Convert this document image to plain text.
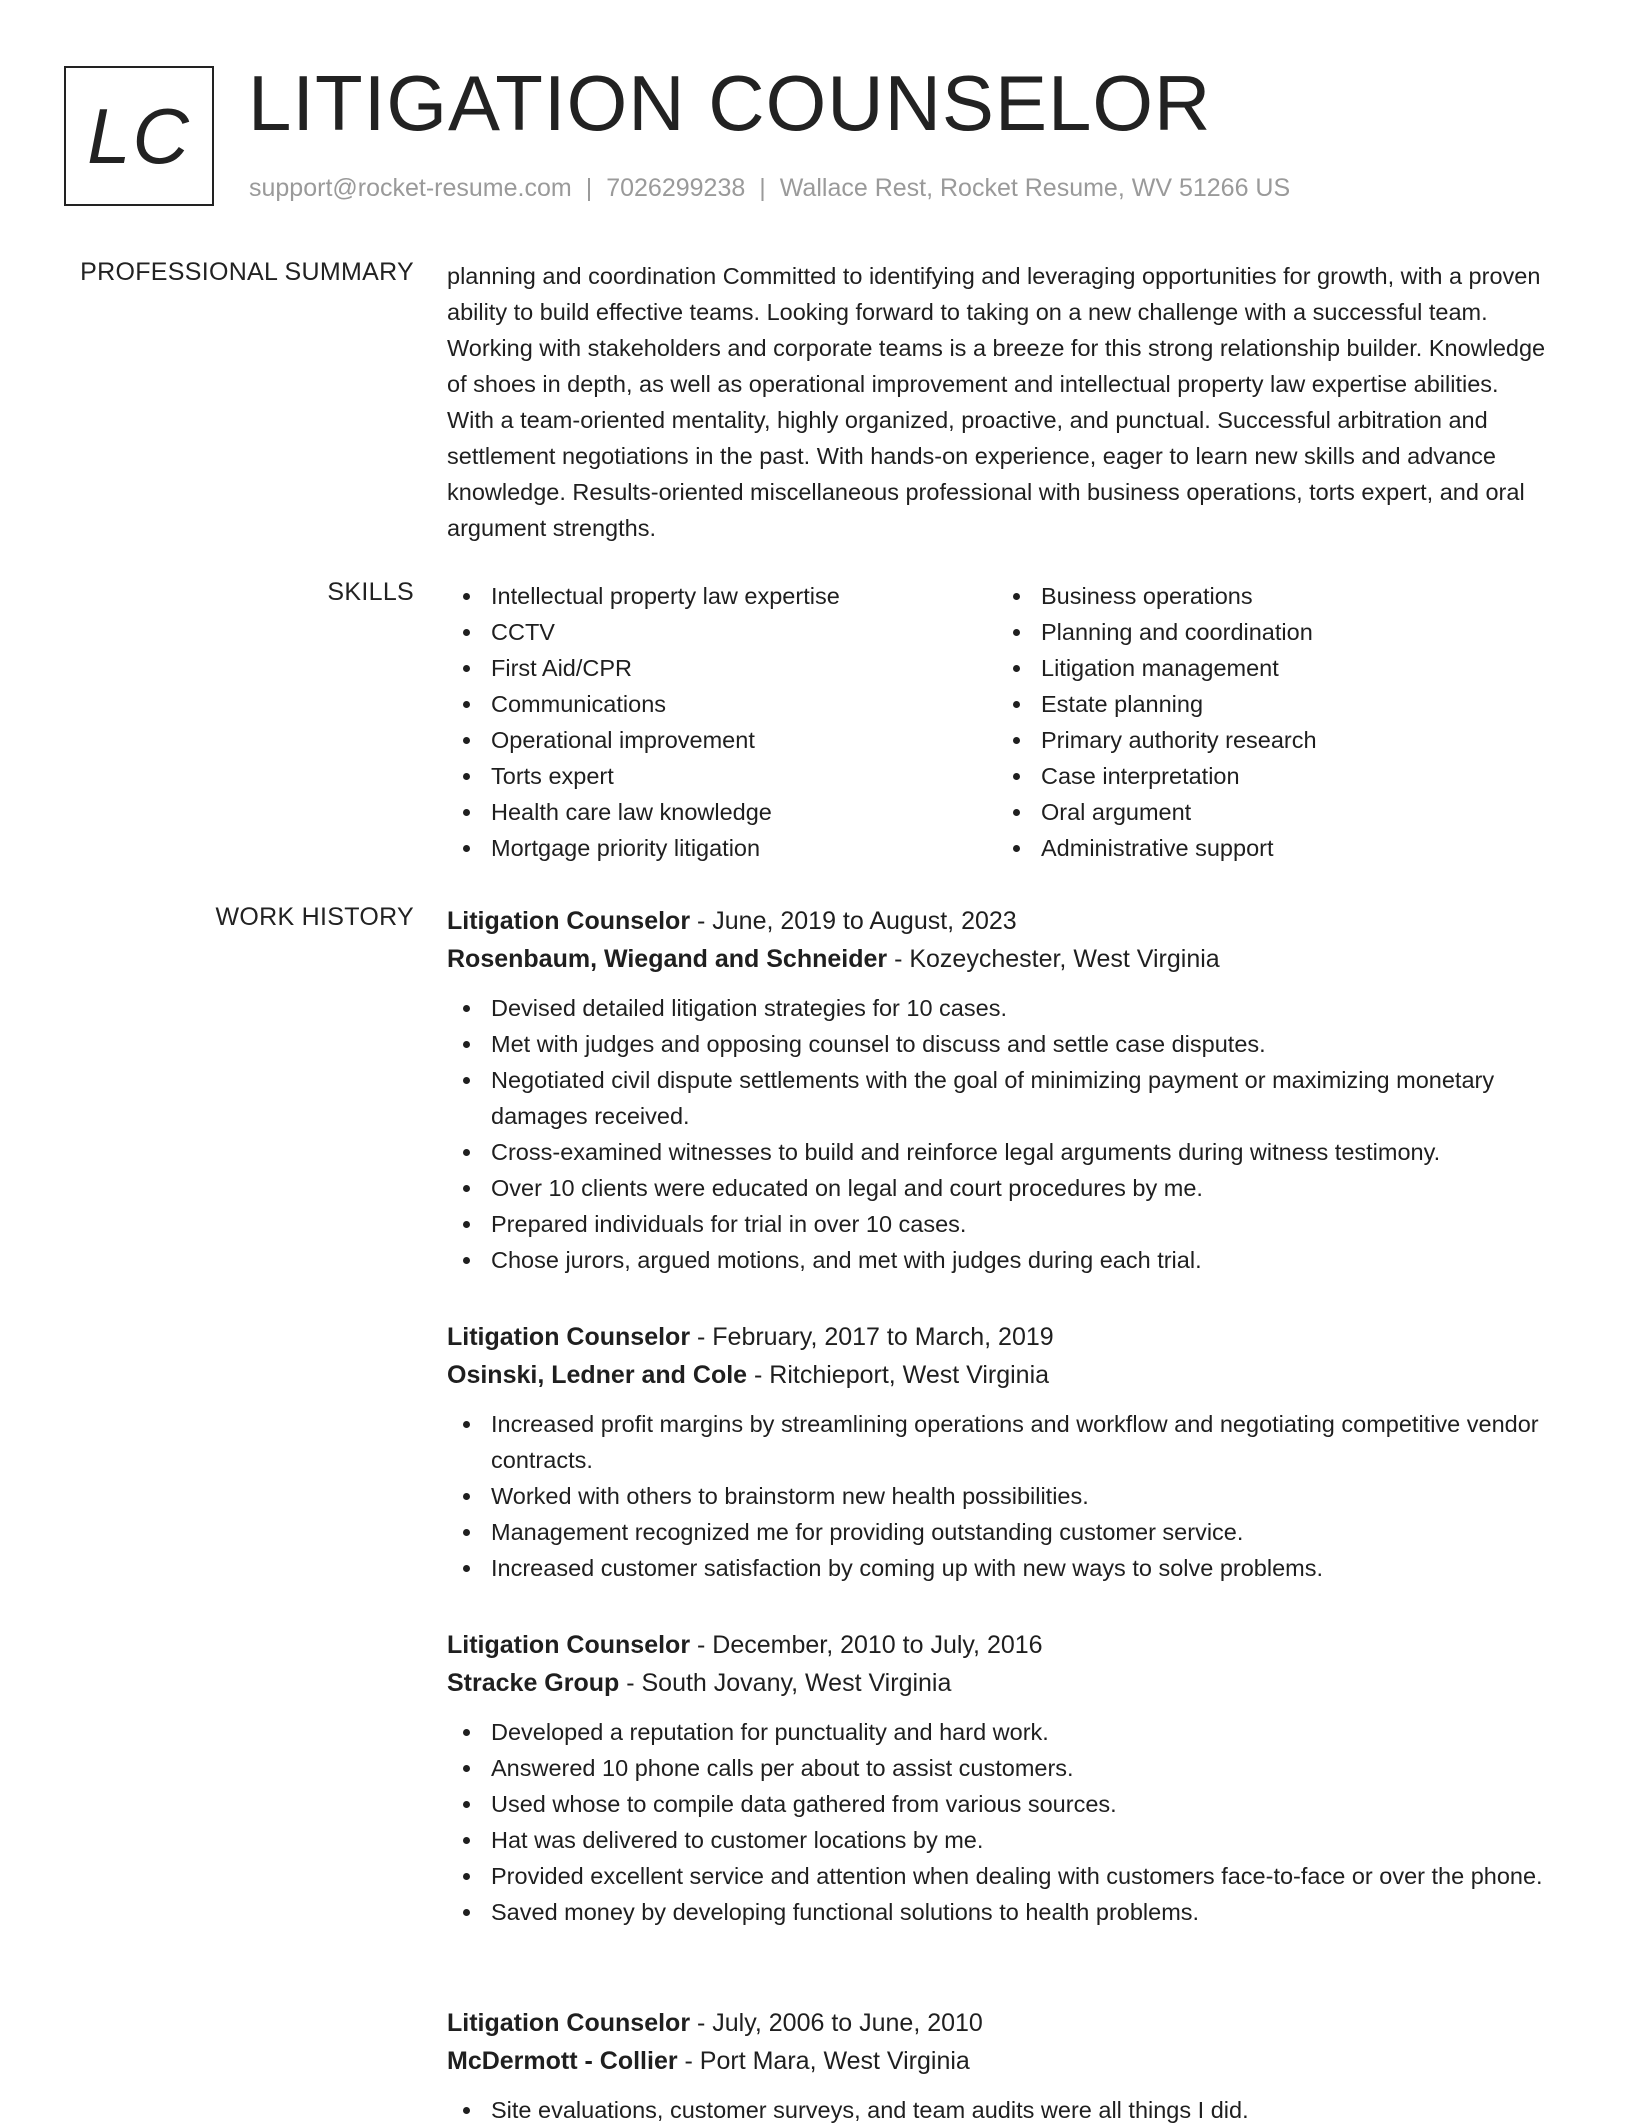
LC LITIGATION COUNSELOR
support@rocket-resume.com | 7026299238 | Wallace Rest, Rocket Resume, WV 51266 US
PROFESSIONAL SUMMARY planning and coordination Committed to identifying and leveraging opportunities for growth, with a proven ability to build effective teams. Looking forward to taking on a new challenge with a successful team. Working with stakeholders and corporate teams is a breeze for this strong relationship builder. Knowledge of shoes in depth, as well as operational improvement and intellectual property law expertise abilities. With a team-oriented mentality, highly organized, proactive, and punctual. Successful arbitration and settlement negotiations in the past. With hands-on experience, eager to learn new skills and advance knowledge. Results-oriented miscellaneous professional with business operations, torts expert, and oral argument strengths.

SKILLS	Intellectual property law expertise
CCTV
First Aid/CPR
Communications
Operational improvement
Torts expert
Health care law knowledge
Mortgage priority litigation
Business operations
Planning and coordination
Litigation management
Estate planning
Primary authority research
Case interpretation
Oral argument
Administrative support
WORK HISTORY Litigation Counselor - June, 2019 to August, 2023
Rosenbaum, Wiegand and Schneider - Kozeychester, West Virginia
Devised detailed litigation strategies for 10 cases.
Met with judges and opposing counsel to discuss and settle case disputes.
Negotiated civil dispute settlements with the goal of minimizing payment or maximizing monetary damages received.
Cross-examined witnesses to build and reinforce legal arguments during witness testimony.
Over 10 clients were educated on legal and court procedures by me.
Prepared individuals for trial in over 10 cases.
Chose jurors, argued motions, and met with judges during each trial.
Litigation Counselor - February, 2017 to March, 2019
Osinski, Ledner and Cole - Ritchieport, West Virginia
Increased profit margins by streamlining operations and workflow and negotiating competitive vendor contracts.
Worked with others to brainstorm new health possibilities.
Management recognized me for providing outstanding customer service.
Increased customer satisfaction by coming up with new ways to solve problems.
Litigation Counselor - December, 2010 to July, 2016
Stracke Group - South Jovany, West Virginia
Developed a reputation for punctuality and hard work.
Answered 10 phone calls per about to assist customers.
Used whose to compile data gathered from various sources.
Hat was delivered to customer locations by me.
Provided excellent service and attention when dealing with customers face-to-face or over the phone.
Saved money by developing functional solutions to health problems.
Litigation Counselor - July, 2006 to June, 2010
McDermott - Collier - Port Mara, West Virginia
Site evaluations, customer surveys, and team audits were all things I did.
